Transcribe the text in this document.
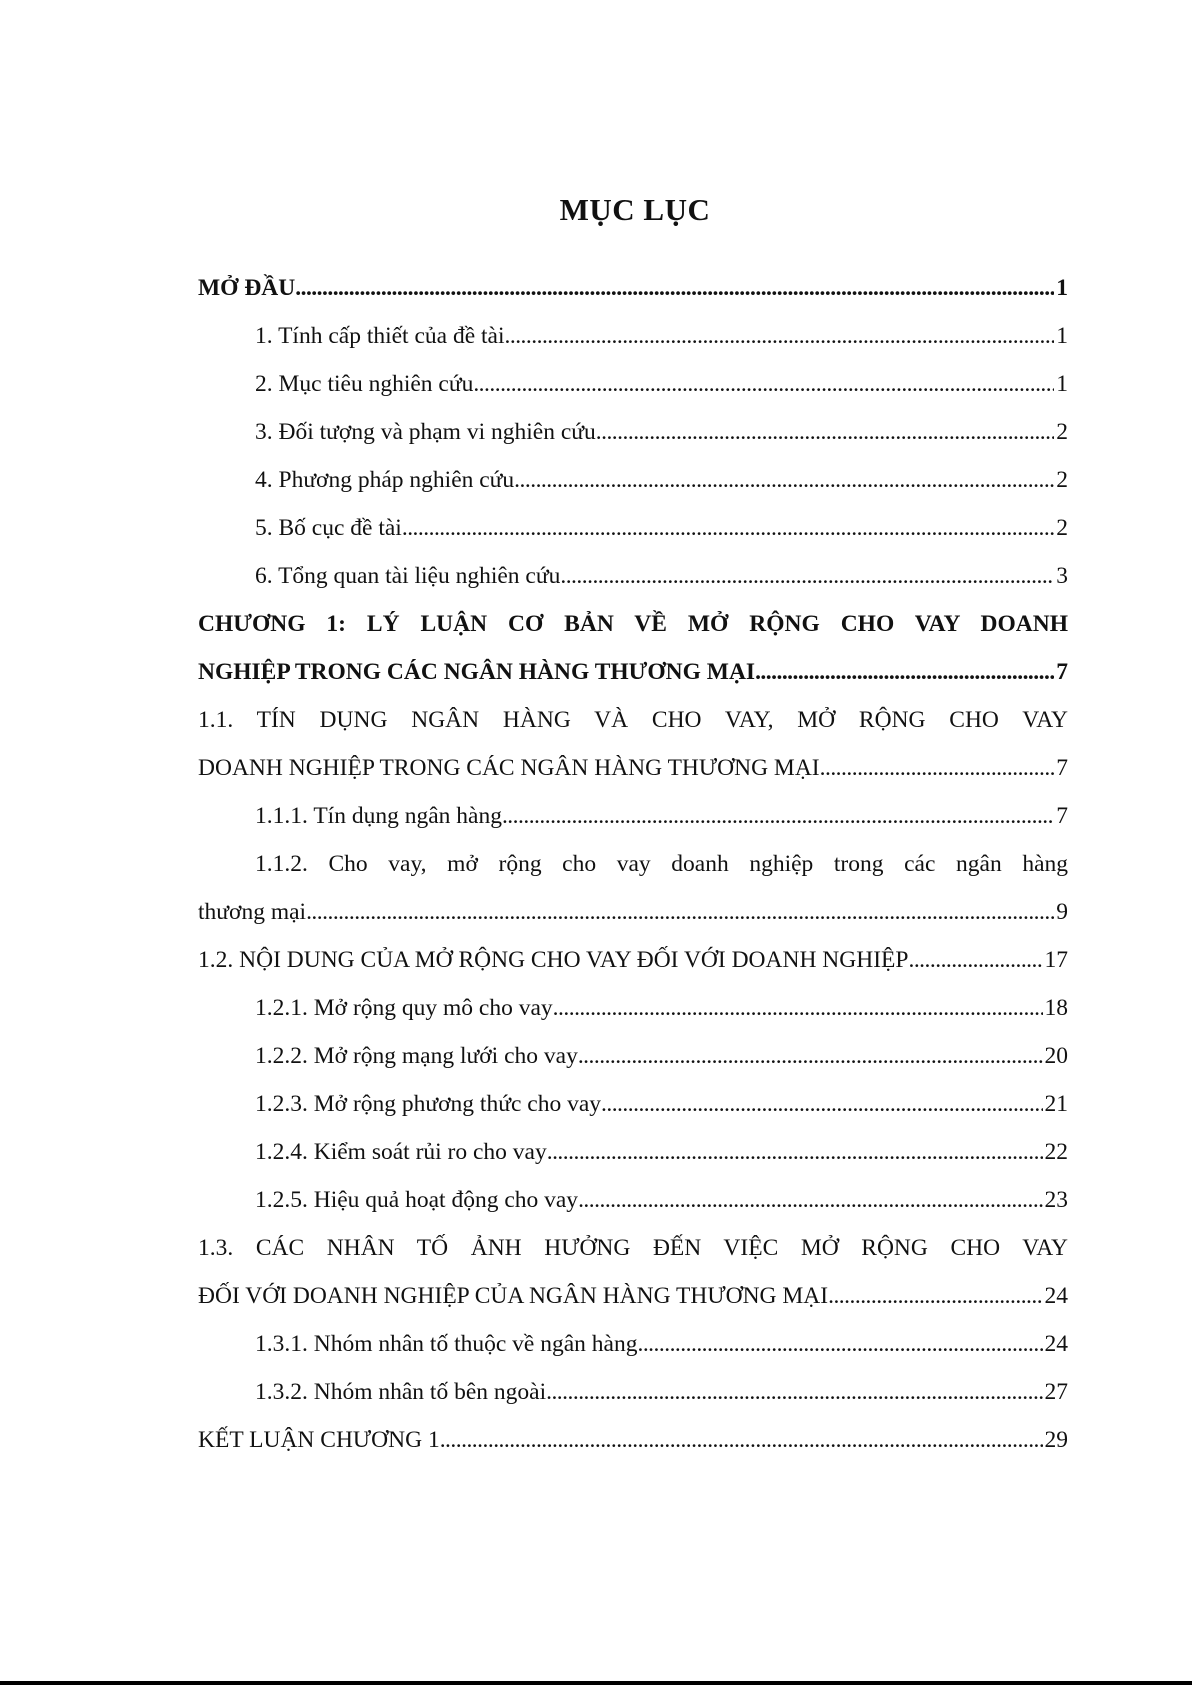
MỤC LỤC
MỞ ĐẦU . . .	1
1. Tính cấp thiết của đề tài . . .	1
2. Mục tiêu nghiên cứu . . .	1
3. Đối tượng và phạm vi nghiên cứu . . .	2
4. Phương pháp nghiên cứu . . .	2
5. Bố cục đề tài . . .	2
6. Tổng quan tài liệu nghiên cứu . . .	3
CHƯƠNG 1: LÝ LUẬN CƠ BẢN VỀ MỞ RỘNG CHO VAY DOANH
NGHIỆP TRONG CÁC NGÂN HÀNG THƯƠNG MẠI . . .	7
1.1. TÍN DỤNG NGÂN HÀNG VÀ CHO VAY, MỞ RỘNG CHO VAY
DOANH NGHIỆP TRONG CÁC NGÂN HÀNG THƯƠNG MẠI . . .	7
1.1.1. Tín dụng ngân hàng . . .	7
1.1.2. Cho vay, mở rộng cho vay doanh nghiệp trong các ngân hàng
thương mại . . .	9
1.2. NỘI DUNG CỦA MỞ RỘNG CHO VAY ĐỐI VỚI DOANH NGHIỆP . . .	17
1.2.1. Mở rộng quy mô cho vay . . .	18
1.2.2. Mở rộng mạng lưới cho vay . . .	20
1.2.3. Mở rộng phương thức cho vay . . .	21
1.2.4. Kiểm soát rủi ro cho vay . . .	22
1.2.5. Hiệu quả hoạt động cho vay . . .	23
1.3. CÁC NHÂN TỐ ẢNH HƯỞNG ĐẾN VIỆC MỞ RỘNG CHO VAY
ĐỐI VỚI DOANH NGHIỆP CỦA NGÂN HÀNG THƯƠNG MẠI . . .	24
1.3.1. Nhóm nhân tố thuộc về ngân hàng . . .	24
1.3.2. Nhóm nhân tố bên ngoài . . .	27
KẾT LUẬN CHƯƠNG 1 . . .	29
